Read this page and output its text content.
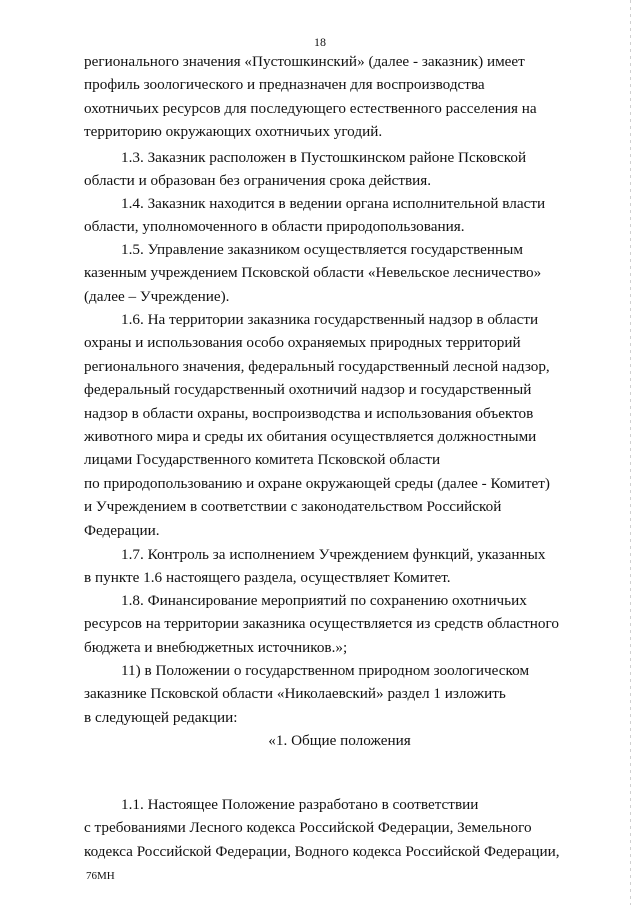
18

регионального значения «Пустошкинский» (далее - заказник) имеет
профиль зоологического и предназначен для воспроизводства
охотничьих ресурсов для последующего естественного расселения на
территорию окружающих охотничьих угодий.

1.3. Заказник расположен в Пустошкинском районе Псковской
области и образован без ограничения срока действия.

1.4. Заказник находится в ведении органа исполнительной власти
области, уполномоченного в области природопользования.

1.5. Управление заказником осуществляется государственным
казенным учреждением Псковской области «Невельское лесничество»
(далее – Учреждение).

1.6. На территории заказника государственный надзор в области
охраны и использования особо охраняемых природных территорий
регионального значения, федеральный государственный лесной надзор,
федеральный государственный охотничий надзор и государственный
надзор в области охраны, воспроизводства и использования объектов
животного мира и среды их обитания осуществляется должностными
лицами Государственного комитета Псковской области
по природопользованию и охране окружающей среды (далее - Комитет)
и Учреждением в соответствии с законодательством Российской
Федерации.

1.7. Контроль за исполнением Учреждением функций, указанных
в пункте 1.6 настоящего раздела, осуществляет Комитет.

1.8. Финансирование мероприятий по сохранению охотничьих
ресурсов на территории заказника осуществляется из средств областного
бюджета и внебюджетных источников.»;

11) в Положении о государственном природном зоологическом
заказнике Псковской области «Николаевский» раздел 1 изложить
в следующей редакции:

«1. Общие положения

1.1. Настоящее Положение разработано в соответствии
с требованиями Лесного кодекса Российской Федерации, Земельного
кодекса Российской Федерации, Водного кодекса Российской Федерации,

76МН
